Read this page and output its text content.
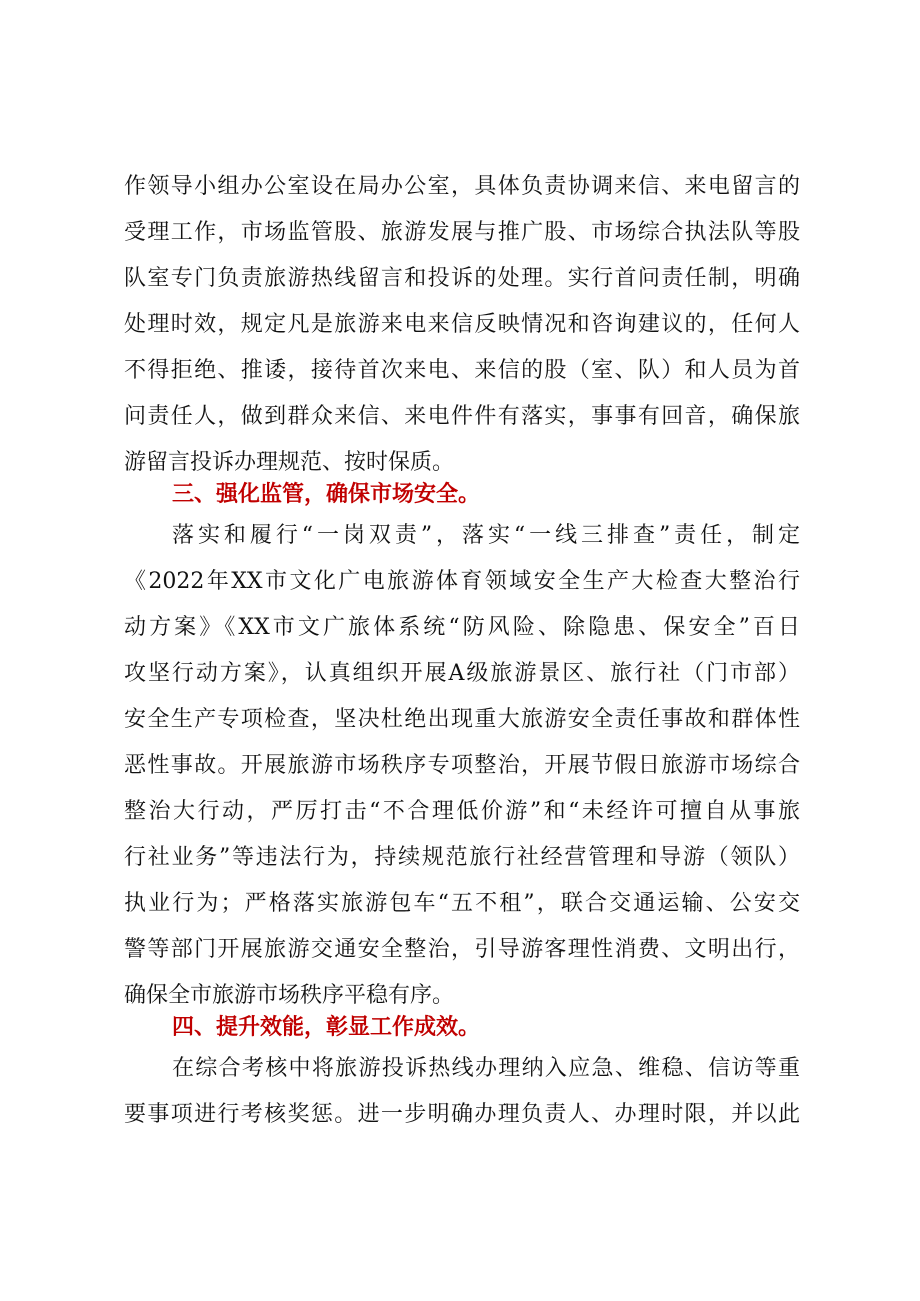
作领导小组办公室设在局办公室，具体负责协调来信、来电留言的
受理工作，市场监管股、旅游发展与推广股、市场综合执法队等股
队室专门负责旅游热线留言和投诉的处理。实行首问责任制，明确
处理时效，规定凡是旅游来电来信反映情况和咨询建议的，任何人
不得拒绝、推诿，接待首次来电、来信的股（室、队）和人员为首
问责任人，做到群众来信、来电件件有落实，事事有回音，确保旅
游留言投诉办理规范、按时保质。
三、强化监管，确保市场安全。
落实和履行“一岗双责”，落实“一线三排查”责任，制定
《2022年XX市文化广电旅游体育领域安全生产大检查大整治行
动方案》《XX市文广旅体系统“防风险、除隐患、保安全”百日
攻坚行动方案》，认真组织开展A级旅游景区、旅行社（门市部）
安全生产专项检查，坚决杜绝出现重大旅游安全责任事故和群体性
恶性事故。开展旅游市场秩序专项整治，开展节假日旅游市场综合
整治大行动，严厉打击“不合理低价游”和“未经许可擅自从事旅
行社业务”等违法行为，持续规范旅行社经营管理和导游（领队）
执业行为；严格落实旅游包车“五不租”，联合交通运输、公安交
警等部门开展旅游交通安全整治，引导游客理性消费、文明出行，
确保全市旅游市场秩序平稳有序。
四、提升效能，彰显工作成效。
在综合考核中将旅游投诉热线办理纳入应急、维稳、信访等重
要事项进行考核奖惩。进一步明确办理负责人、办理时限，并以此
